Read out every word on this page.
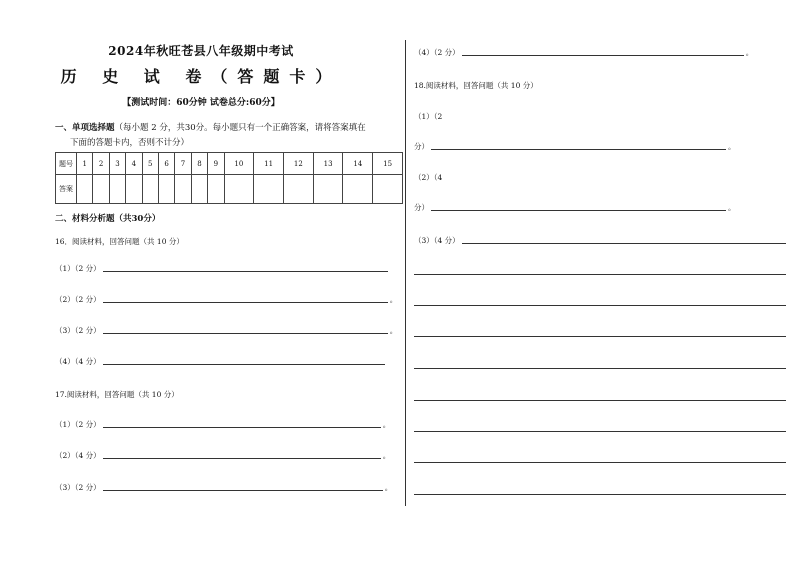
2024年秋旺苍县八年级期中考试
历 史 试 卷（答题卡）
【测试时间：60分钟 试卷总分:60分】
一、单项选择题（每小题 2 分，共30分。每小题只有一个正确答案，请将答案填在
下面的答题卡内，否则不计分）
题号	1	2	3	4	5	6	7	8	9	10	11	12	13	14	15
答案															
二、材料分析题（共30分）
16．阅读材料，回答问题（共 10 分）
（1）（2 分）
（2）（2 分）	。
（3）（2 分）	。
（4）（4 分）
17.阅读材料，回答问题（共 10 分）
（1）（2 分）	。
（2）（4 分）	。
（3）（2 分）	。
（4）（2 分）	。
18.阅读材料，回答问题（共 10 分）
（1）（2
分）	。
（2）（4
分）	。
（3）（4 分）
